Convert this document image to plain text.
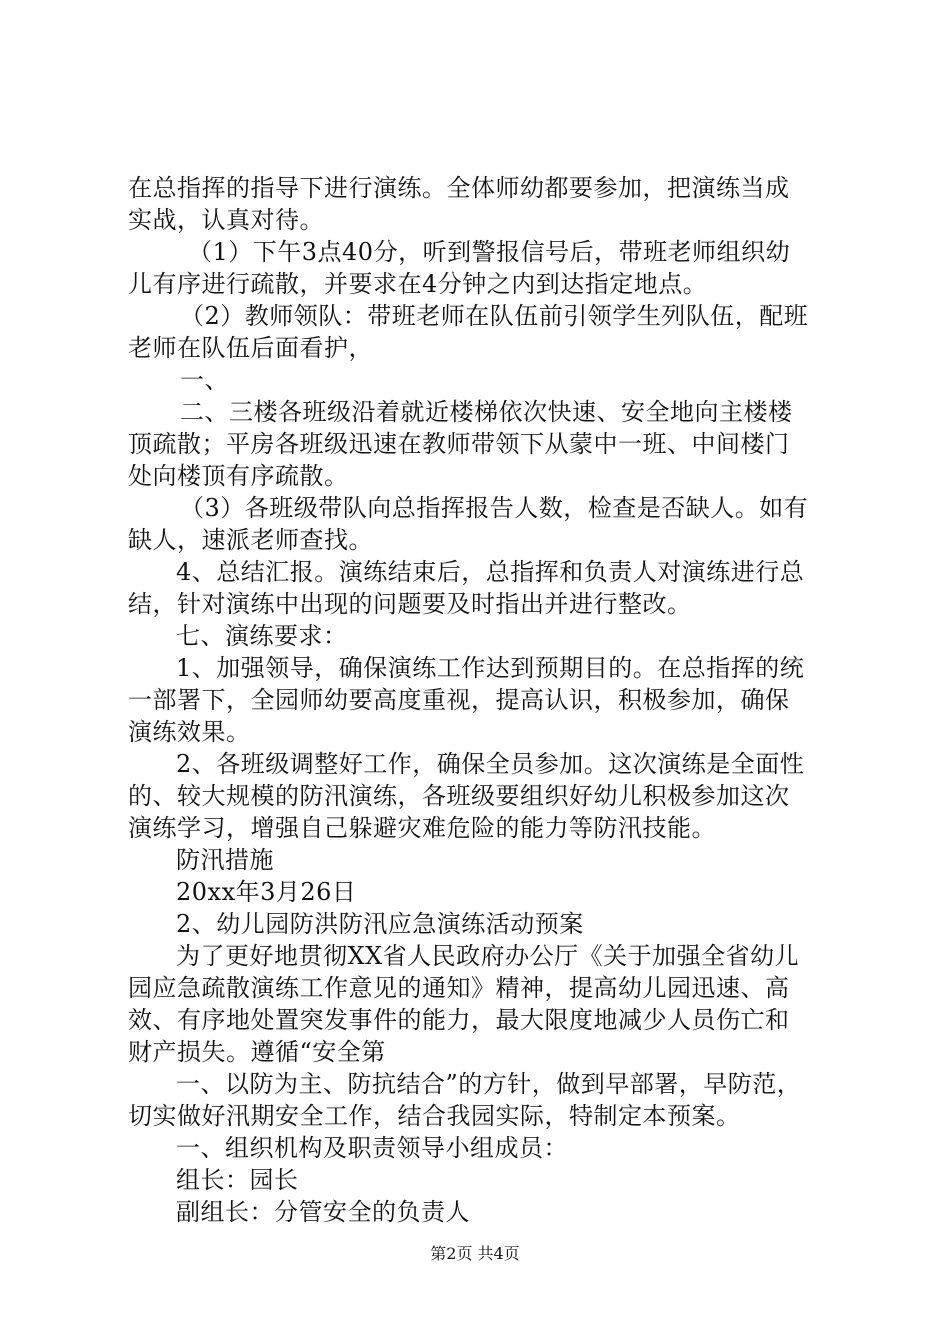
在总指挥的指导下进行演练。全体师幼都要参加，把演练当成
实战，认真对待。
（1）下午3点40分，听到警报信号后，带班老师组织幼
儿有序进行疏散，并要求在4分钟之内到达指定地点。
（2）教师领队：带班老师在队伍前引领学生列队伍，配班
老师在队伍后面看护，
一、
二、三楼各班级沿着就近楼梯依次快速、安全地向主楼楼
顶疏散；平房各班级迅速在教师带领下从蒙中一班、中间楼门
处向楼顶有序疏散。
（3）各班级带队向总指挥报告人数，检查是否缺人。如有
缺人，速派老师查找。
4、总结汇报。演练结束后，总指挥和负责人对演练进行总
结，针对演练中出现的问题要及时指出并进行整改。
七、演练要求：
1、加强领导，确保演练工作达到预期目的。在总指挥的统
一部署下，全园师幼要高度重视，提高认识，积极参加，确保
演练效果。
2、各班级调整好工作，确保全员参加。这次演练是全面性
的、较大规模的防汛演练，各班级要组织好幼儿积极参加这次
演练学习，增强自己躲避灾难危险的能力等防汛技能。
防汛措施
20xx年3月26日
2、幼儿园防洪防汛应急演练活动预案
为了更好地贯彻XX省人民政府办公厅《关于加强全省幼儿
园应急疏散演练工作意见的通知》精神，提高幼儿园迅速、高
效、有序地处置突发事件的能力，最大限度地减少人员伤亡和
财产损失。遵循“安全第
一、以防为主、防抗结合”的方针，做到早部署，早防范，
切实做好汛期安全工作，结合我园实际，特制定本预案。
一、组织机构及职责领导小组成员：
组长：园长
副组长：分管安全的负责人
第2页 共4页
